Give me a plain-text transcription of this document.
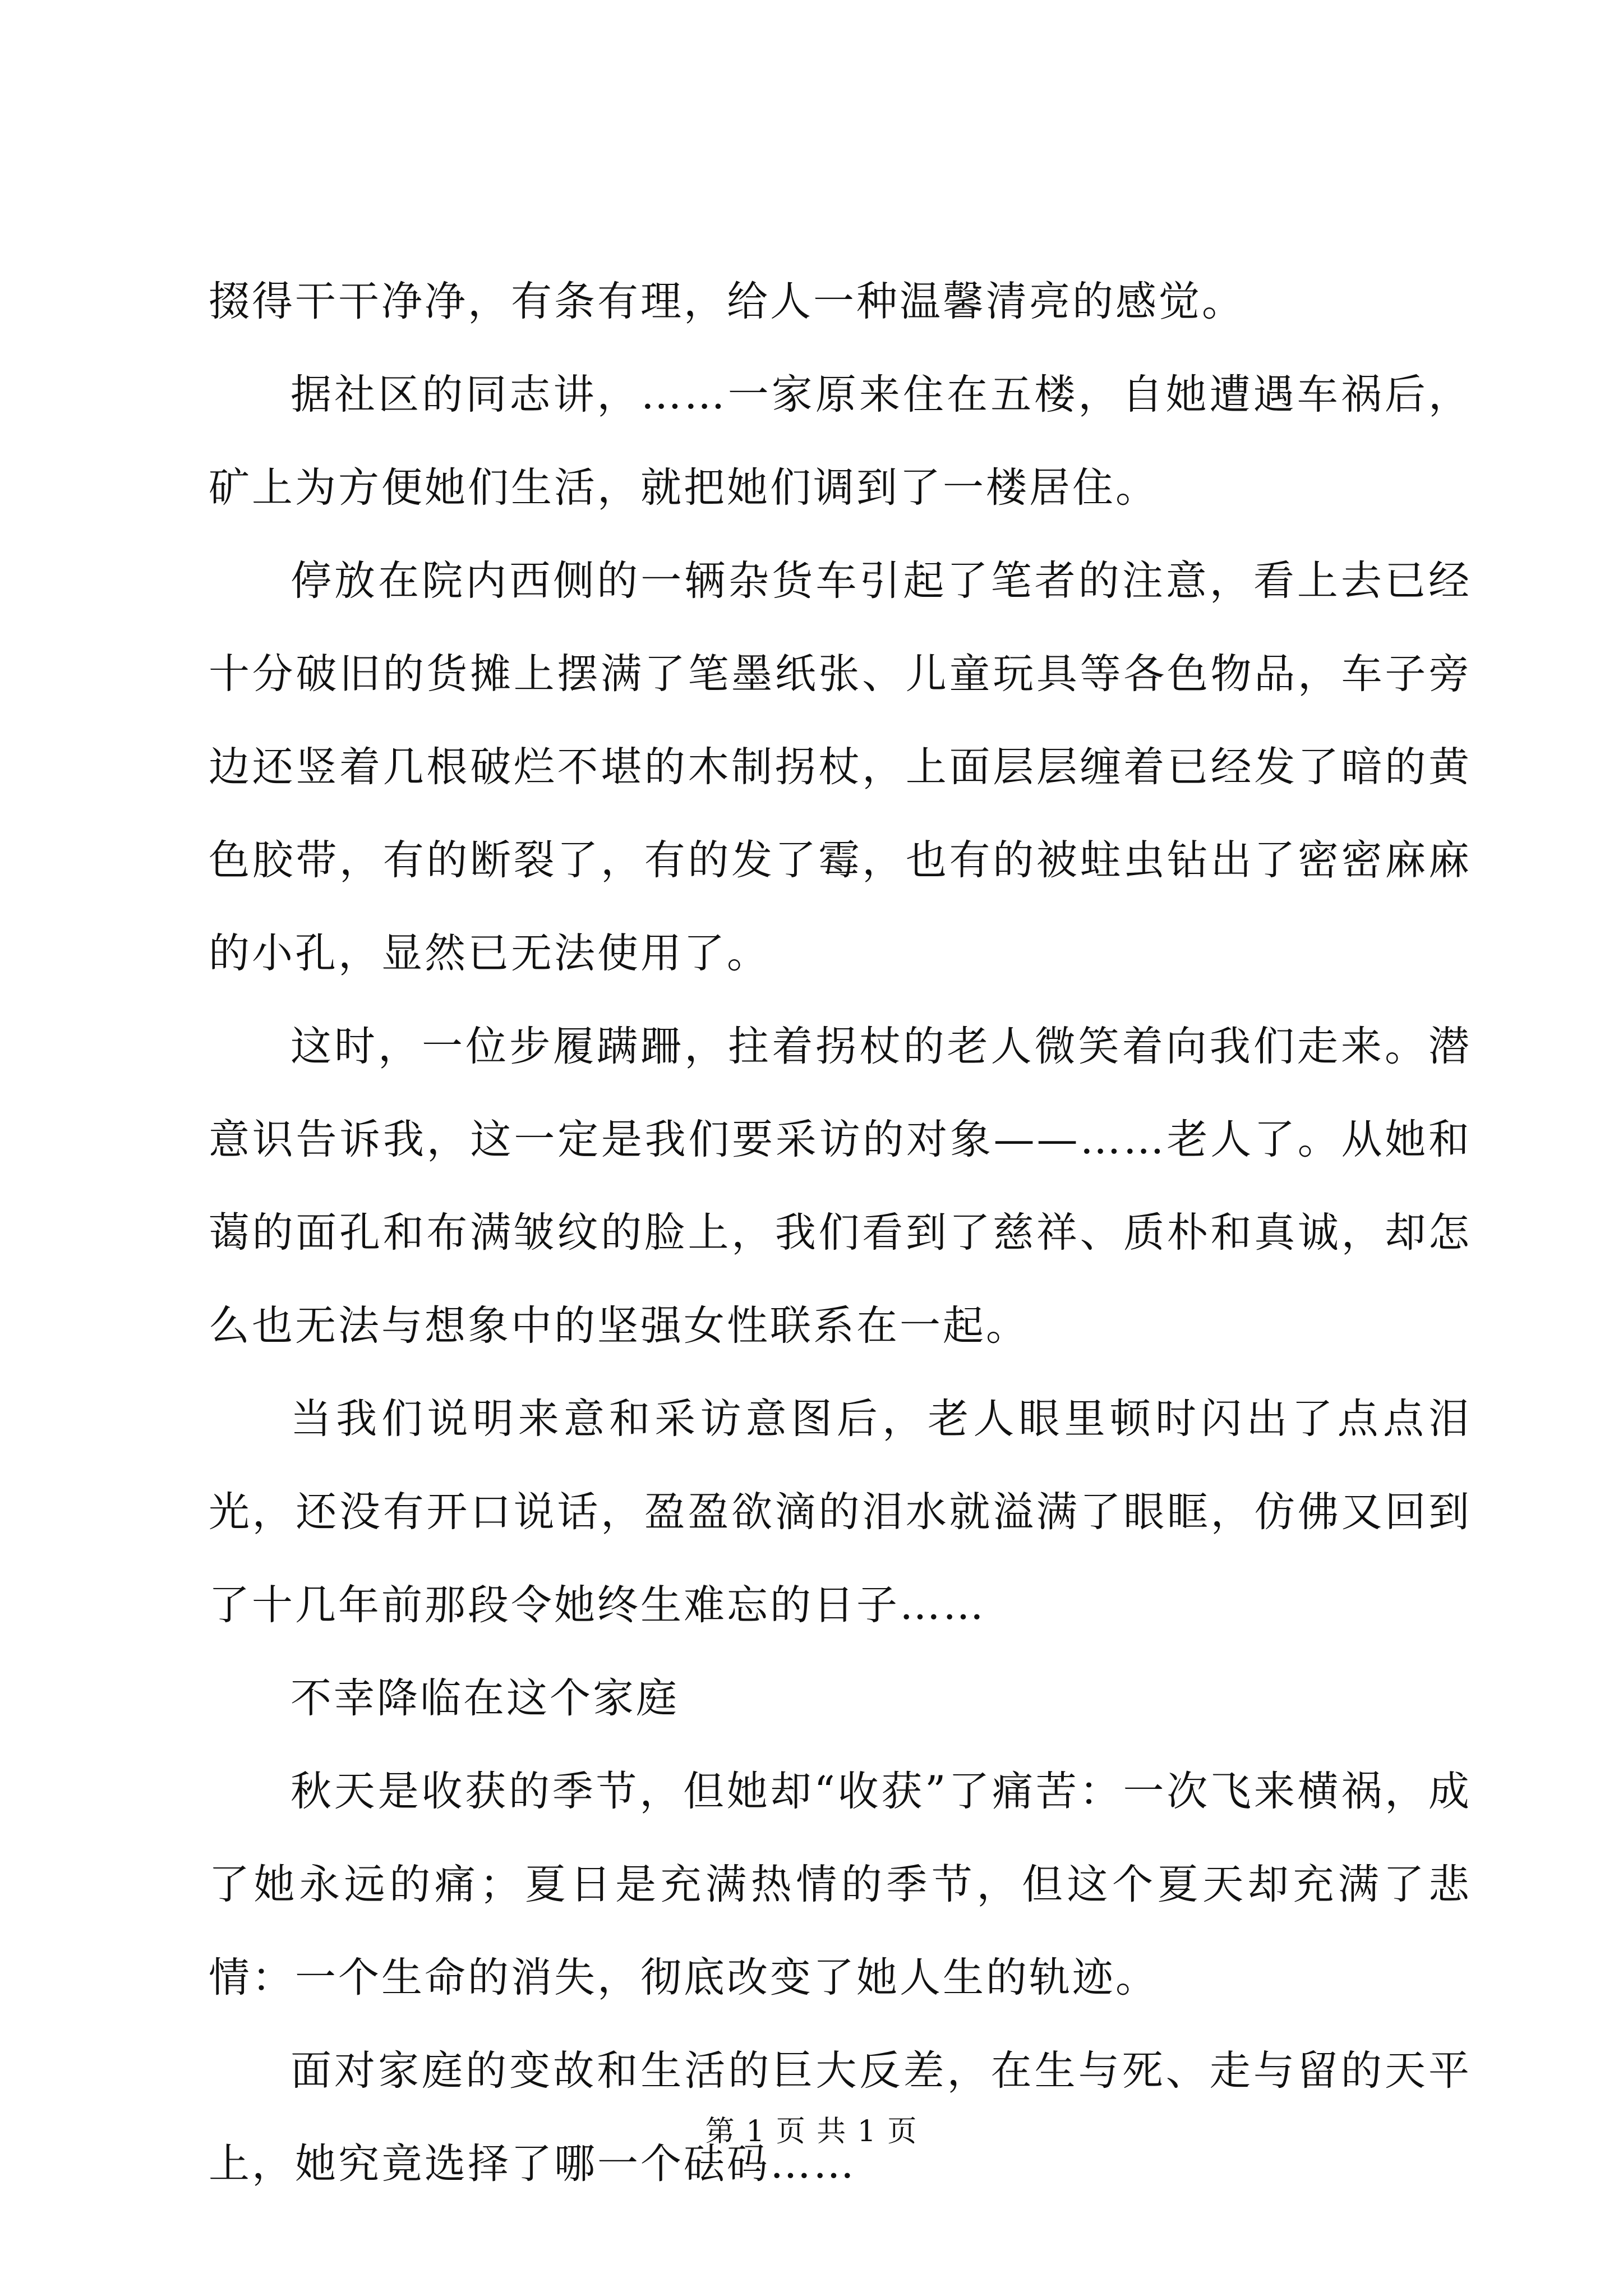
掇得干干净净，有条有理，给人一种温馨清亮的感觉。

据社区的同志讲，……一家原来住在五楼，自她遭遇车祸后，矿上为方便她们生活，就把她们调到了一楼居住。

停放在院内西侧的一辆杂货车引起了笔者的注意，看上去已经十分破旧的货摊上摆满了笔墨纸张、儿童玩具等各色物品，车子旁边还竖着几根破烂不堪的木制拐杖，上面层层缠着已经发了暗的黄色胶带，有的断裂了，有的发了霉，也有的被蛀虫钻出了密密麻麻的小孔，显然已无法使用了。

这时，一位步履蹒跚，拄着拐杖的老人微笑着向我们走来。潜意识告诉我，这一定是我们要采访的对象——……老人了。从她和蔼的面孔和布满皱纹的脸上，我们看到了慈祥、质朴和真诚，却怎么也无法与想象中的坚强女性联系在一起。

当我们说明来意和采访意图后，老人眼里顿时闪出了点点泪光，还没有开口说话，盈盈欲滴的泪水就溢满了眼眶，仿佛又回到了十几年前那段令她终生难忘的日子……

不幸降临在这个家庭

秋天是收获的季节，但她却“收获”了痛苦：一次飞来横祸，成了她永远的痛；夏日是充满热情的季节，但这个夏天却充满了悲情：一个生命的消失，彻底改变了她人生的轨迹。

面对家庭的变故和生活的巨大反差，在生与死、走与留的天平上，她究竟选择了哪一个砝码……

第 1 页 共 1 页
